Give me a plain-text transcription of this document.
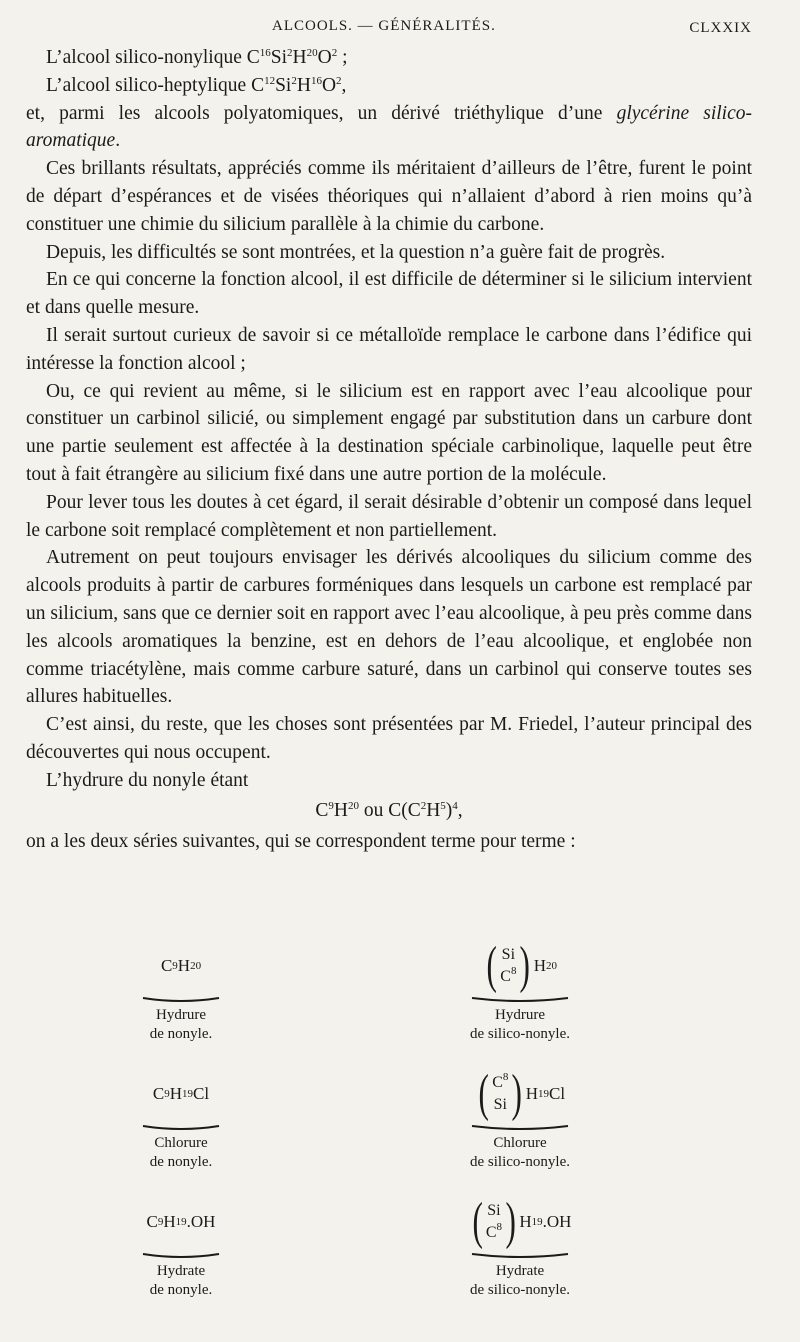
ALCOOLS. — GÉNÉRALITÉS.	CLXXIX

L’alcool silico-nonylique $C^{16}Si^2H^{20}O^2$ ;

L’alcool silico-heptylique $C^{12}Si^2H^{16}O^2$,

et, parmi les alcools polyatomiques, un dérivé triéthylique d’une glycérine silico-aromatique.

Ces brillants résultats, appréciés comme ils méritaient d’ailleurs de l’être, furent le point de départ d’espérances et de visées théoriques qui n’allaient d’abord à rien moins qu’à constituer une chimie du silicium parallèle à la chimie du carbone.

Depuis, les difficultés se sont montrées, et la question n’a guère fait de progrès.

En ce qui concerne la fonction alcool, il est difficile de déterminer si le silicium intervient et dans quelle mesure.

Il serait surtout curieux de savoir si ce métalloïde remplace le carbone dans l’édifice qui intéresse la fonction alcool ;

Ou, ce qui revient au même, si le silicium est en rapport avec l’eau alcoolique pour constituer un carbinol silicié, ou simplement engagé par substitution dans un carbure dont une partie seulement est affectée à la destination spéciale carbinolique, laquelle peut être tout à fait étrangère au silicium fixé dans une autre portion de la molécule.

Pour lever tous les doutes à cet égard, il serait désirable d’obtenir un composé dans lequel le carbone soit remplacé complètement et non partiellement.

Autrement on peut toujours envisager les dérivés alcooliques du silicium comme des alcools produits à partir de carbures forméniques dans lesquels un carbone est remplacé par un silicium, sans que ce dernier soit en rapport avec l’eau alcoolique, à peu près comme dans les alcools aromatiques la benzine, est en dehors de l’eau alcoolique, et englobée non comme triacétylène, mais comme carbure saturé, dans un carbinol qui conserve toutes ses allures habituelles.

C’est ainsi, du reste, que les choses sont présentées par M. Friedel, l’auteur principal des découvertes qui nous occupent.

L’hydrure du nonyle étant

$C^9H^{20}$ ou $C(C^2H^5)^4$,

on a les deux séries suivantes, qui se correspondent terme pour terme :

C 9 H 20
Hydrure
de nonyle.
C 9 H 19 Cl
Chlorure
de nonyle.
C 9 H 19 .OH
Hydrate
de nonyle.
( Si
$C^8$ ) H 20
Hydrure
de silico-nonyle.
( $C^8$
Si ) H 19 Cl
Chlorure
de silico-nonyle.
( Si
$C^8$ ) H 19 .OH
Hydrate
de silico-nonyle.
